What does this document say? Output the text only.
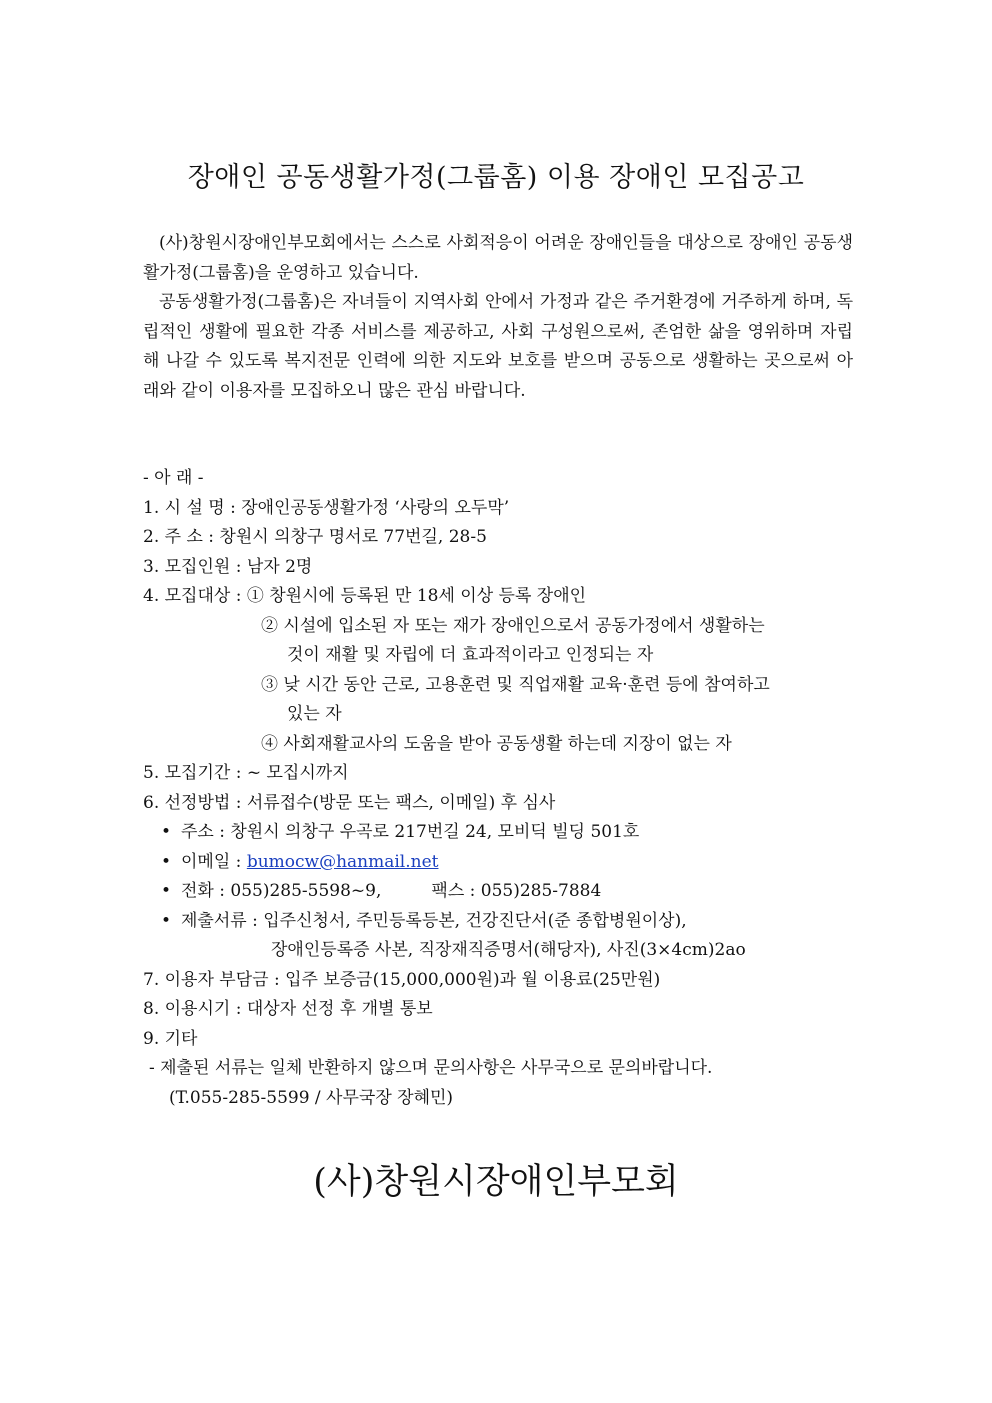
장애인 공동생활가정(그룹홈) 이용 장애인 모집공고

(사)창원시장애인부모회에서는 스스로 사회적응이 어려운 장애인들을 대상으로 장애인 공동생활가정(그룹홈)을 운영하고 있습니다.

공동생활가정(그룹홈)은 자녀들이 지역사회 안에서 가정과 같은 주거환경에 거주하게 하며, 독립적인 생활에 필요한 각종 서비스를 제공하고, 사회 구성원으로써, 존엄한 삶을 영위하며 자립 해 나갈 수 있도록 복지전문 인력에 의한 지도와 보호를 받으며 공동으로 생활하는 곳으로써 아래와 같이 이용자를 모집하오니 많은 관심 바랍니다.

- 아 래 -
1. 시 설 명 : 장애인공동생활가정 ‘사랑의 오두막’
2. 주 소 : 창원시 의창구 명서로 77번길, 28-5
3. 모집인원 : 남자 2명
4. 모집대상 : ① 창원시에 등록된 만 18세 이상 등록 장애인
② 시설에 입소된 자 또는 재가 장애인으로서 공동가정에서 생활하는
것이 재활 및 자립에 더 효과적이라고 인정되는 자
③ 낮 시간 동안 근로, 고용훈련 및 직업재활 교육·훈련 등에 참여하고
있는 자
④ 사회재활교사의 도움을 받아 공동생활 하는데 지장이 없는 자
5. 모집기간 : ~ 모집시까지
6. 선정방법 : 서류접수(방문 또는 팩스, 이메일) 후 심사
• 주소 : 창원시 의창구 우곡로 217번길 24, 모비딕 빌딩 501호
• 이메일 : bumocw@hanmail.net
• 전화 : 055)285-5598~9,	팩스 : 055)285-7884
• 제출서류 : 입주신청서, 주민등록등본, 건강진단서(준 종합병원이상),
장애인등록증 사본, 직장재직증명서(해당자), 사진(3×4cm)2ao
7. 이용자 부담금 : 입주 보증금(15,000,000원)과 월 이용료(25만원)
8. 이용시기 : 대상자 선정 후 개별 통보
9. 기타
- 제출된 서류는 일체 반환하지 않으며 문의사항은 사무국으로 문의바랍니다.
(T.055-285-5599 / 사무국장 장혜민)
(사)창원시장애인부모회
